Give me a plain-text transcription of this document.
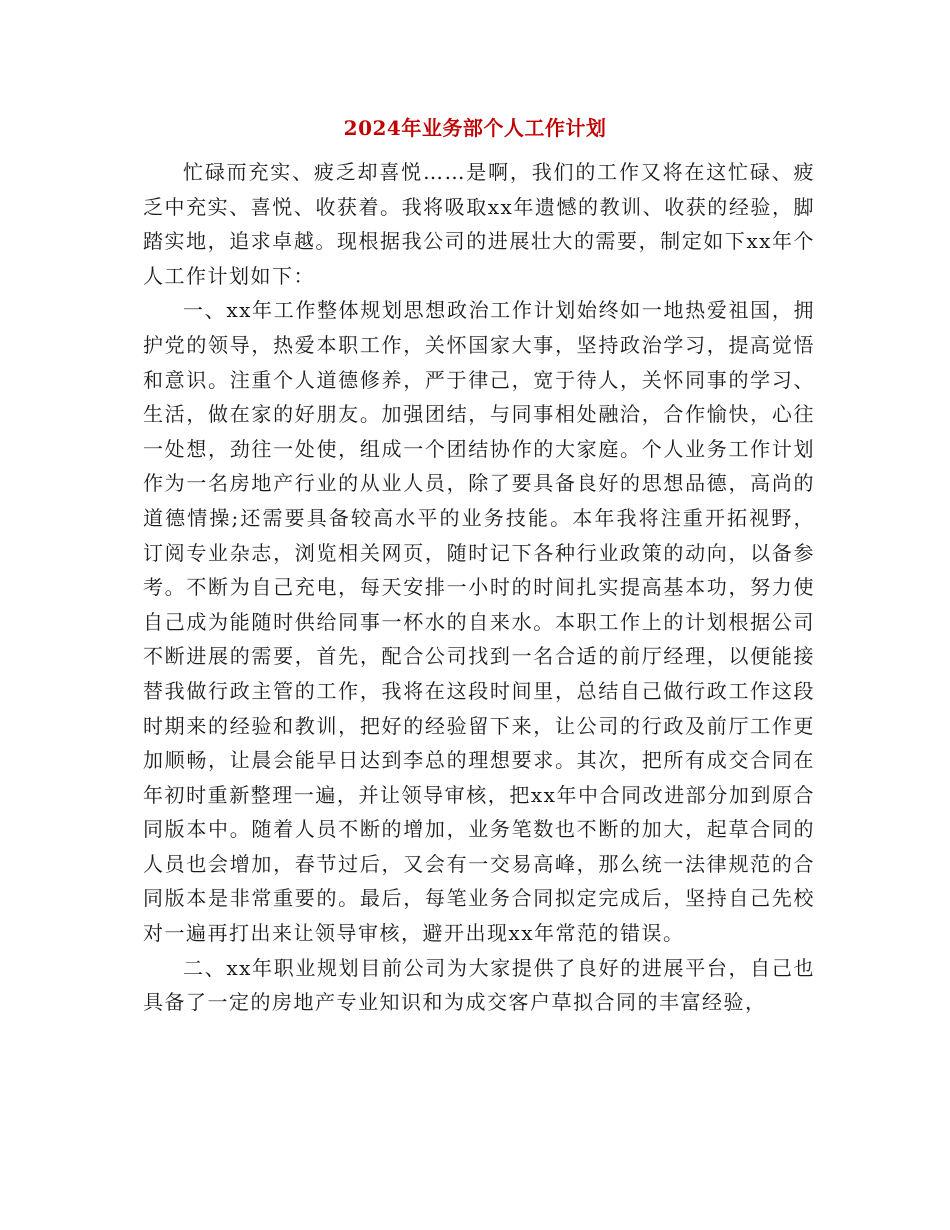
2024年业务部个人工作计划

忙碌而充实、疲乏却喜悦……是啊，我们的工作又将在这忙碌、疲乏中充实、喜悦、收获着。我将吸取xx年遗憾的教训、收获的经验，脚踏实地，追求卓越。现根据我公司的进展壮大的需要，制定如下xx年个人工作计划如下：

一、xx年工作整体规划思想政治工作计划始终如一地热爱祖国，拥护党的领导，热爱本职工作，关怀国家大事，坚持政治学习，提高觉悟和意识。注重个人道德修养，严于律己，宽于待人，关怀同事的学习、生活，做在家的好朋友。加强团结，与同事相处融洽，合作愉快，心往一处想，劲往一处使，组成一个团结协作的大家庭。个人业务工作计划作为一名房地产行业的从业人员，除了要具备良好的思想品德，高尚的道德情操;还需要具备较高水平的业务技能。本年我将注重开拓视野，订阅专业杂志，浏览相关网页，随时记下各种行业政策的动向，以备参考。不断为自己充电，每天安排一小时的时间扎实提高基本功，努力使自己成为能随时供给同事一杯水的自来水。本职工作上的计划根据公司不断进展的需要，首先，配合公司找到一名合适的前厅经理，以便能接替我做行政主管的工作，我将在这段时间里，总结自己做行政工作这段时期来的经验和教训，把好的经验留下来，让公司的行政及前厅工作更加顺畅，让晨会能早日达到李总的理想要求。其次，把所有成交合同在年初时重新整理一遍，并让领导审核，把xx年中合同改进部分加到原合同版本中。随着人员不断的增加，业务笔数也不断的加大，起草合同的人员也会增加，春节过后，又会有一交易高峰，那么统一法律规范的合同版本是非常重要的。最后，每笔业务合同拟定完成后，坚持自己先校对一遍再打出来让领导审核，避开出现xx年常范的错误。

二、xx年职业规划目前公司为大家提供了良好的进展平台，自己也具备了一定的房地产专业知识和为成交客户草拟合同的丰富经验，
